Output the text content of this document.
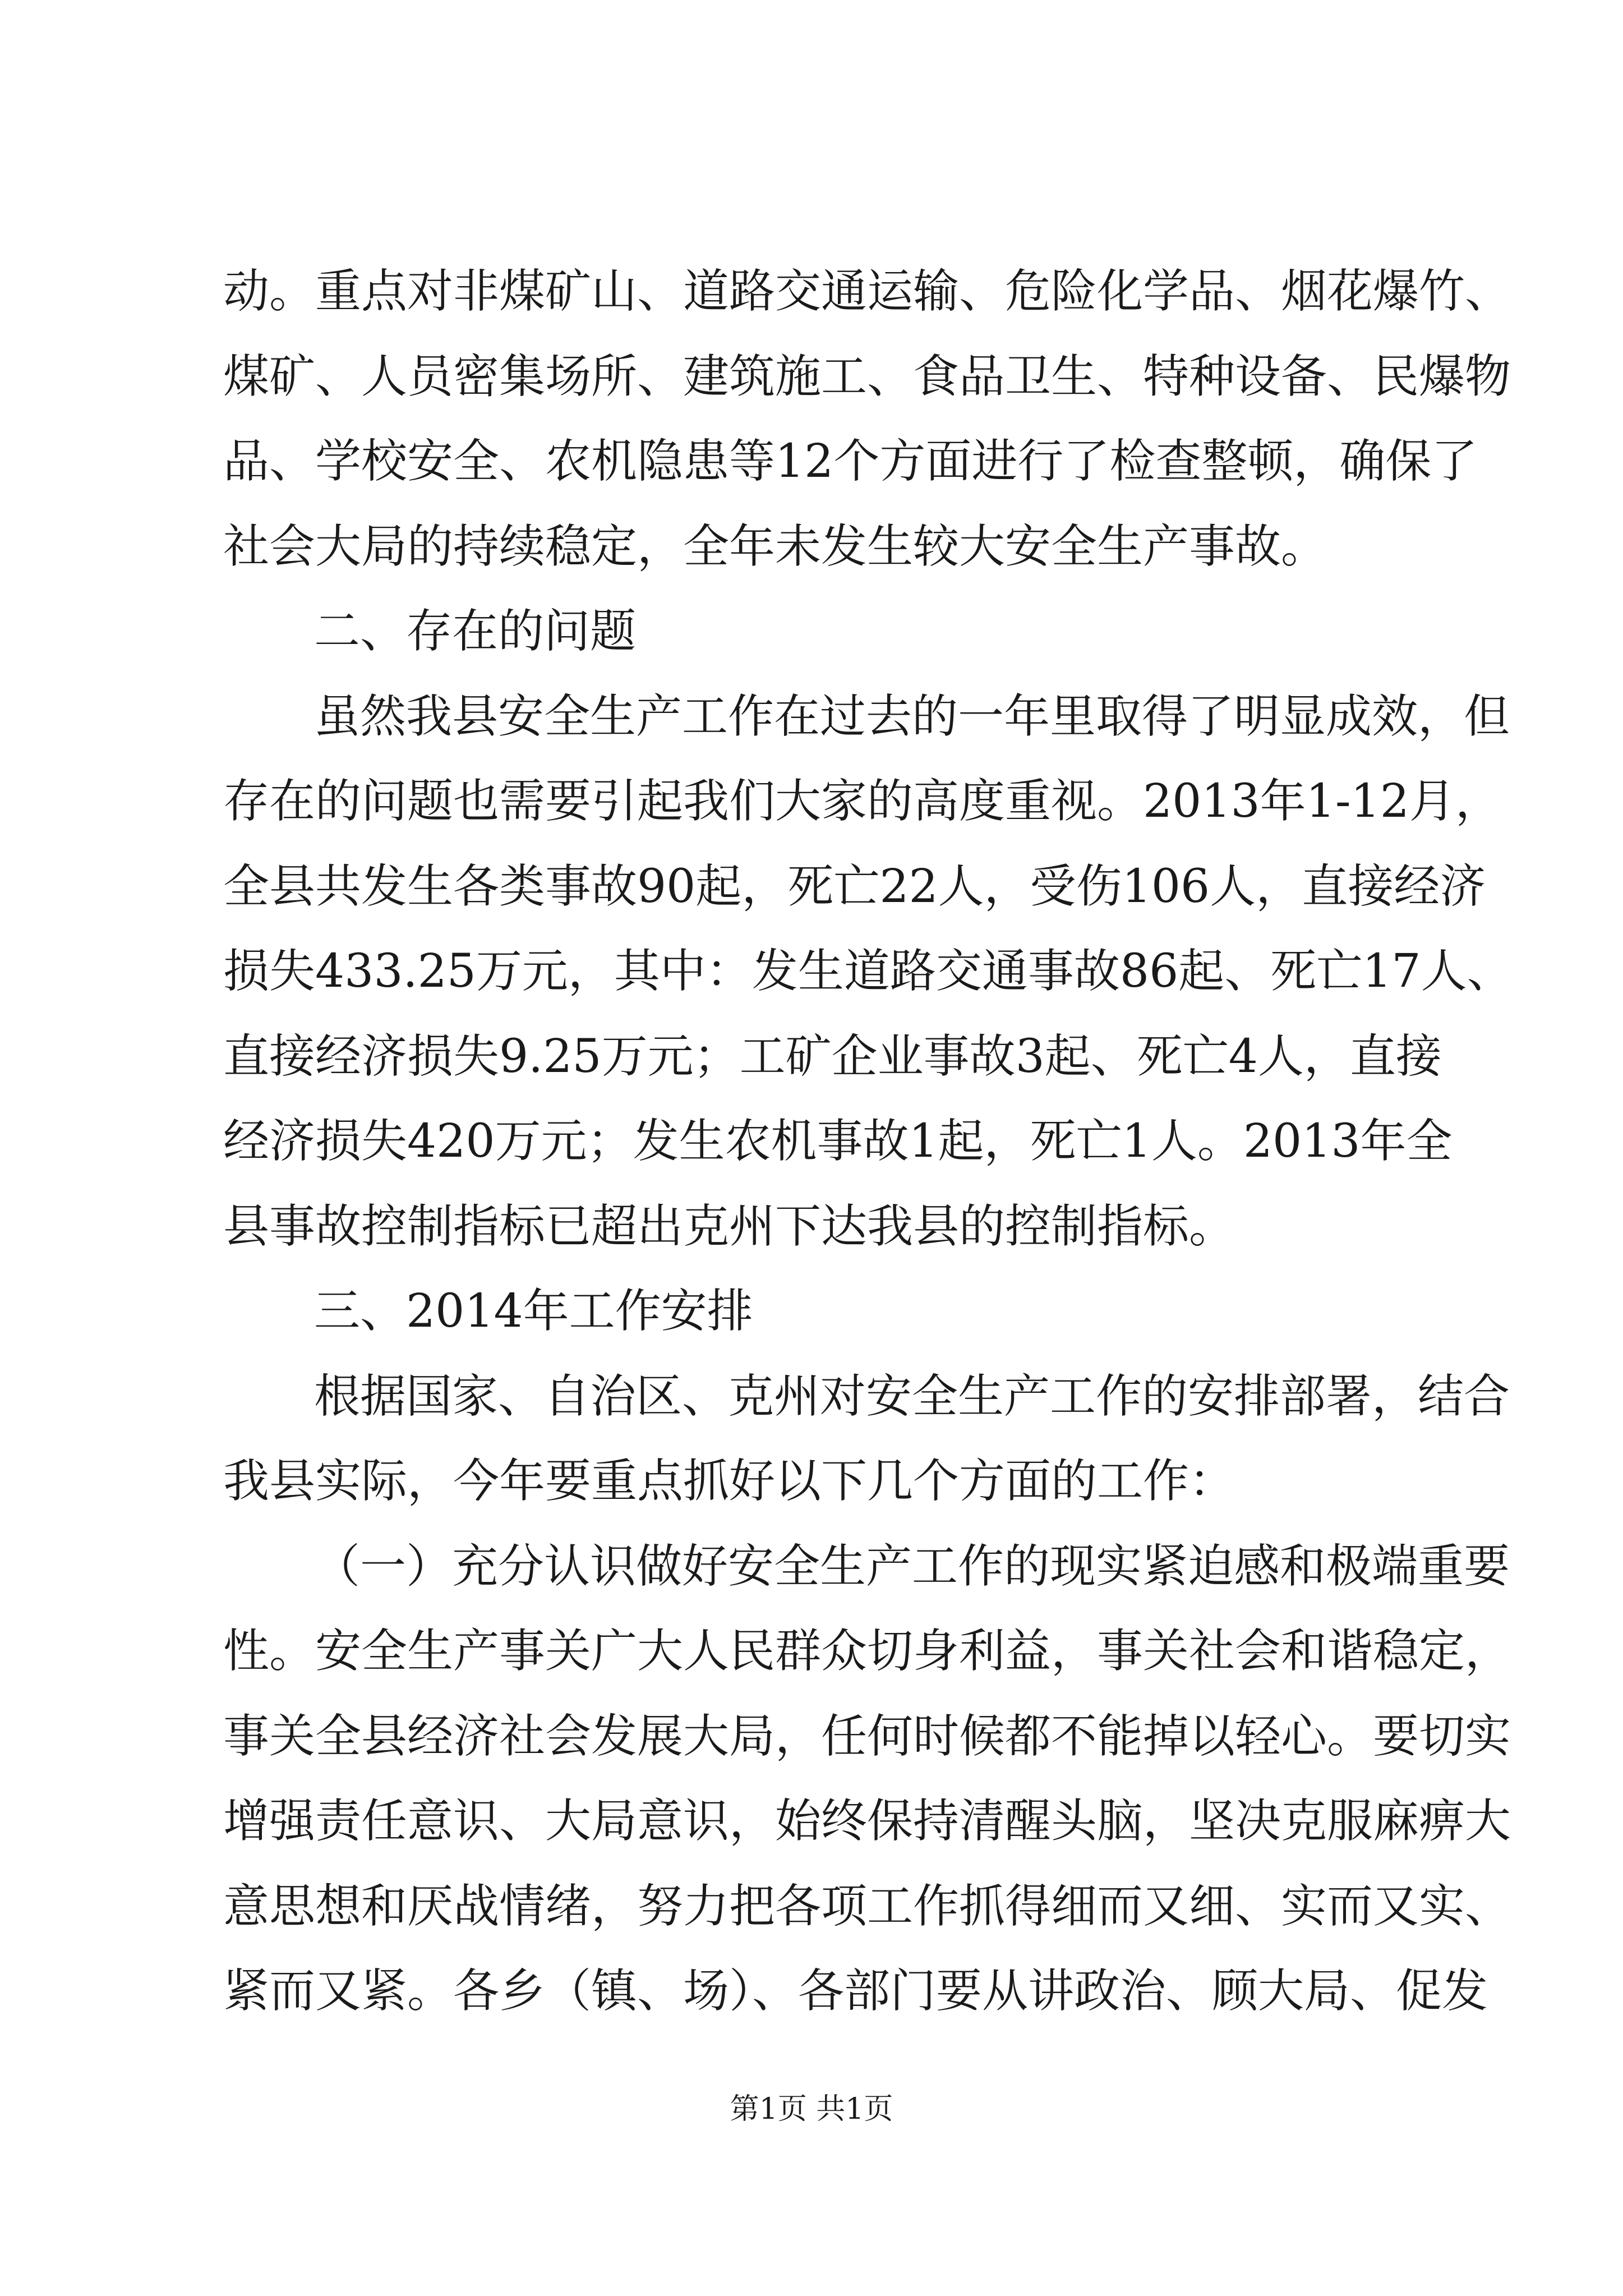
动。重点对非煤矿山、道路交通运输、危险化学品、烟花爆竹、
煤矿、人员密集场所、建筑施工、食品卫生、特种设备、民爆物
品、学校安全、农机隐患等12个方面进行了检查整顿，确保了
社会大局的持续稳定，全年未发生较大安全生产事故。
二、存在的问题
虽然我县安全生产工作在过去的一年里取得了明显成效，但
存在的问题也需要引起我们大家的高度重视。2013年1-12月，
全县共发生各类事故90起，死亡22人，受伤106人，直接经济
损失433.25万元，其中：发生道路交通事故86起、死亡17人、
直接经济损失9.25万元；工矿企业事故3起、死亡4人，直接
经济损失420万元；发生农机事故1起，死亡1人。2013年全
县事故控制指标已超出克州下达我县的控制指标。
三、2014年工作安排
根据国家、自治区、克州对安全生产工作的安排部署，结合
我县实际，今年要重点抓好以下几个方面的工作：
（一）充分认识做好安全生产工作的现实紧迫感和极端重要
性。安全生产事关广大人民群众切身利益，事关社会和谐稳定，
事关全县经济社会发展大局，任何时候都不能掉以轻心。要切实
增强责任意识、大局意识，始终保持清醒头脑，坚决克服麻痹大
意思想和厌战情绪，努力把各项工作抓得细而又细、实而又实、
紧而又紧。各乡（镇、场）、各部门要从讲政治、顾大局、促发
第1页 共1页
